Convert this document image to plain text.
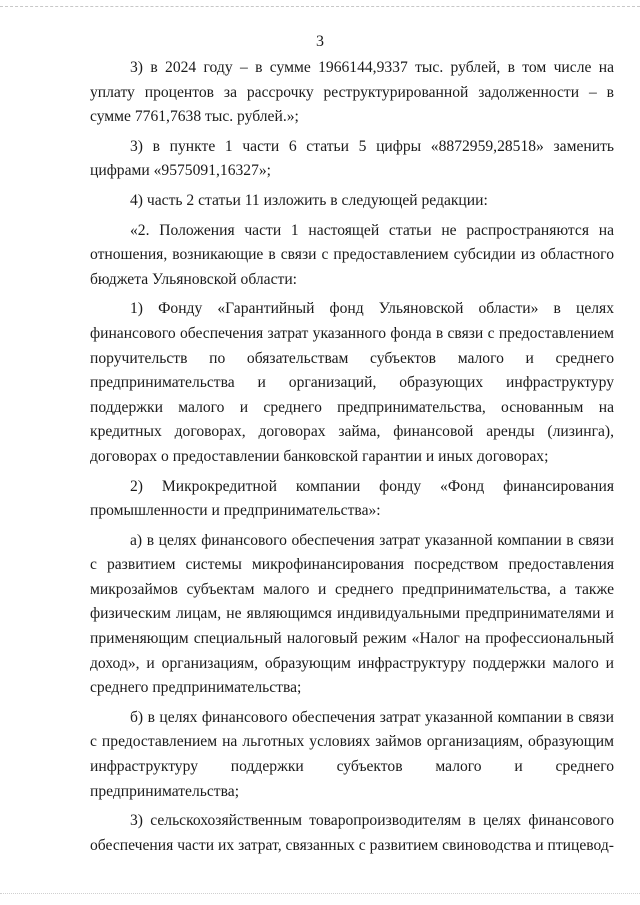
3

3) в 2024 году – в сумме 1966144,9337 тыс. рублей, в том числе на уплату процентов за рассрочку реструктурированной задолженности – в сумме 7761,7638 тыс. рублей.»;

3) в пункте 1 части 6 статьи 5 цифры «8872959,28518» заменить цифрами «9575091,16327»;

4) часть 2 статьи 11 изложить в следующей редакции:

«2. Положения части 1 настоящей статьи не распространяются на отношения, возникающие в связи с предоставлением субсидии из областного бюджета Ульяновской области:

1) Фонду «Гарантийный фонд Ульяновской области» в целях финансового обеспечения затрат указанного фонда в связи с предоставлением поручительств по обязательствам субъектов малого и среднего предпринимательства и организаций, образующих инфраструктуру поддержки малого и среднего предпринимательства, основанным на кредитных договорах, договорах займа, финансовой аренды (лизинга), договорах о предоставлении банковской гарантии и иных договорах;

2) Микрокредитной компании фонду «Фонд финансирования промышленности и предпринимательства»:

а) в целях финансового обеспечения затрат указанной компании в связи с развитием системы микрофинансирования посредством предоставления микрозаймов субъектам малого и среднего предпринимательства, а также физическим лицам, не являющимся индивидуальными предпринимателями и применяющим специальный налоговый режим «Налог на профессиональный доход», и организациям, образующим инфраструктуру поддержки малого и среднего предпринимательства;

б) в целях финансового обеспечения затрат указанной компании в связи с предоставлением на льготных условиях займов организациям, образующим инфраструктуру поддержки субъектов малого и среднего предпринимательства;

3) сельскохозяйственным товаропроизводителям в целях финансового обеспечения части их затрат, связанных с развитием свиноводства и птицевод-
